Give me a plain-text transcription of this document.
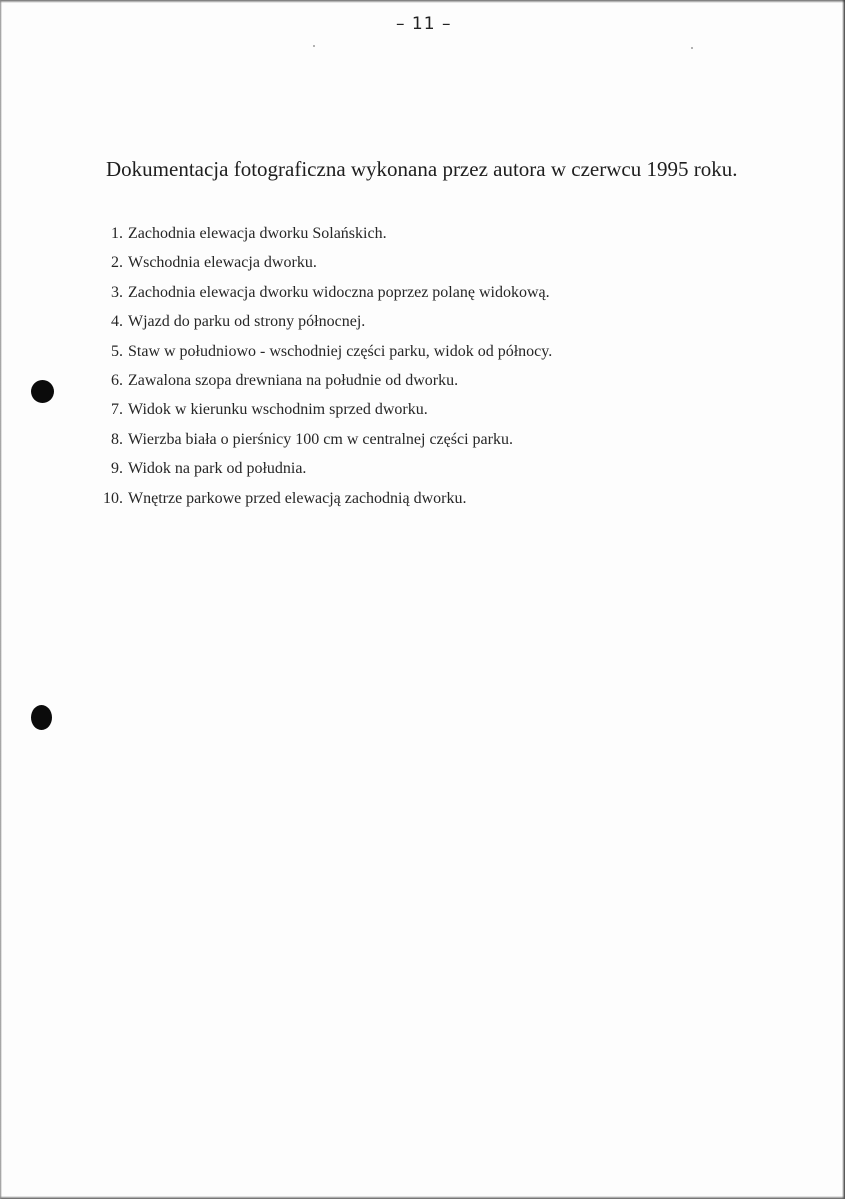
– 11 –
Dokumentacja fotograficzna wykonana przez autora w czerwcu 1995 roku.
1. Zachodnia elewacja dworku Solańskich.
2. Wschodnia elewacja dworku.
3. Zachodnia elewacja dworku widoczna poprzez polanę widokową.
4. Wjazd do parku od strony północnej.
5. Staw w południowo - wschodniej części parku, widok od północy.
6. Zawalona szopa drewniana na południe od dworku.
7. Widok w kierunku wschodnim sprzed dworku.
8. Wierzba biała o pierśnicy 100 cm w centralnej części parku.
9. Widok na park od południa.
10. Wnętrze parkowe przed elewacją zachodnią dworku.
